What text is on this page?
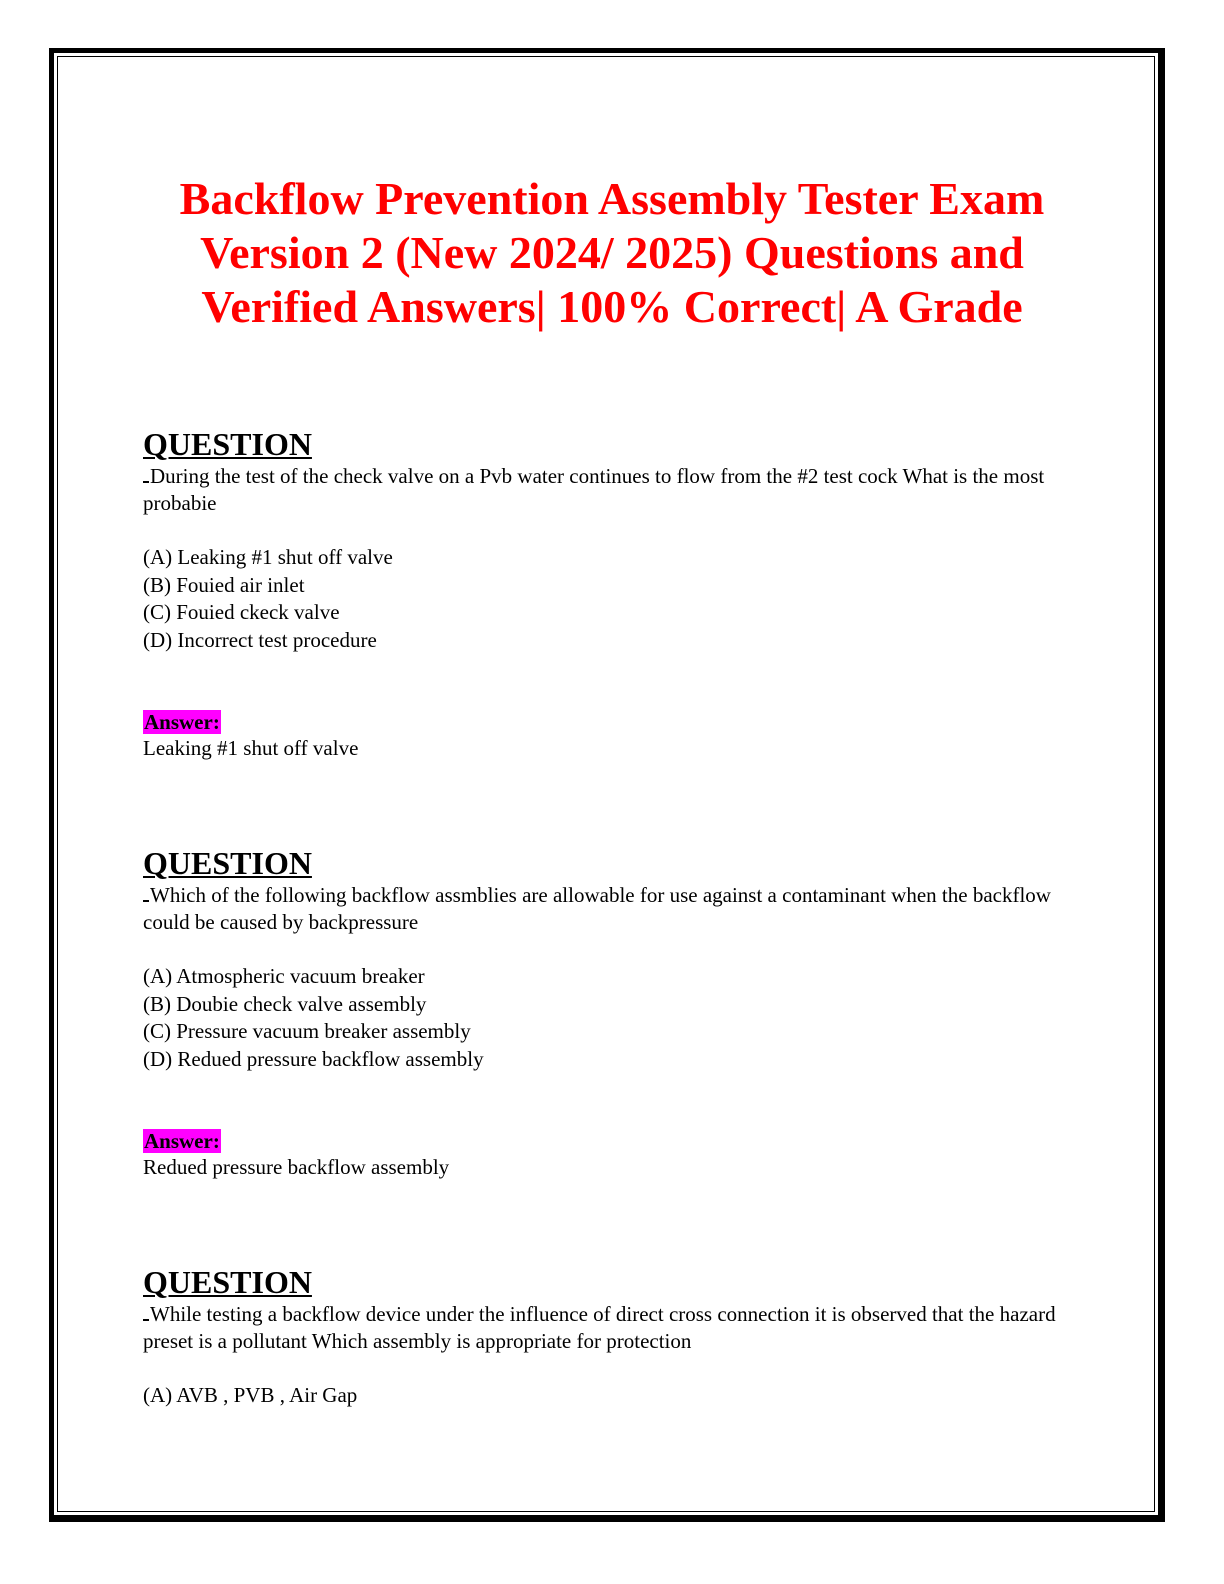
Backflow Prevention Assembly Tester Exam
Version 2 (New 2024/ 2025) Questions and
Verified Answers| 100% Correct| A Grade
QUESTION

During the test of the check valve on a Pvb water continues to flow from the #2 test cock What is the most probabie

(A) Leaking #1 shut off valve
(B) Fouied air inlet
(C) Fouied ckeck valve
(D) Incorrect test procedure
Answer:

Leaking #1 shut off valve

QUESTION

Which of the following backflow assmblies are allowable for use against a contaminant when the backflow could be caused by backpressure

(A) Atmospheric vacuum breaker
(B) Doubie check valve assembly
(C) Pressure vacuum breaker assembly
(D) Redued pressure backflow assembly
Answer:

Redued pressure backflow assembly

QUESTION

While testing a backflow device under the influence of direct cross connection it is observed that the hazard preset is a pollutant Which assembly is appropriate for protection

(A) AVB , PVB , Air Gap
